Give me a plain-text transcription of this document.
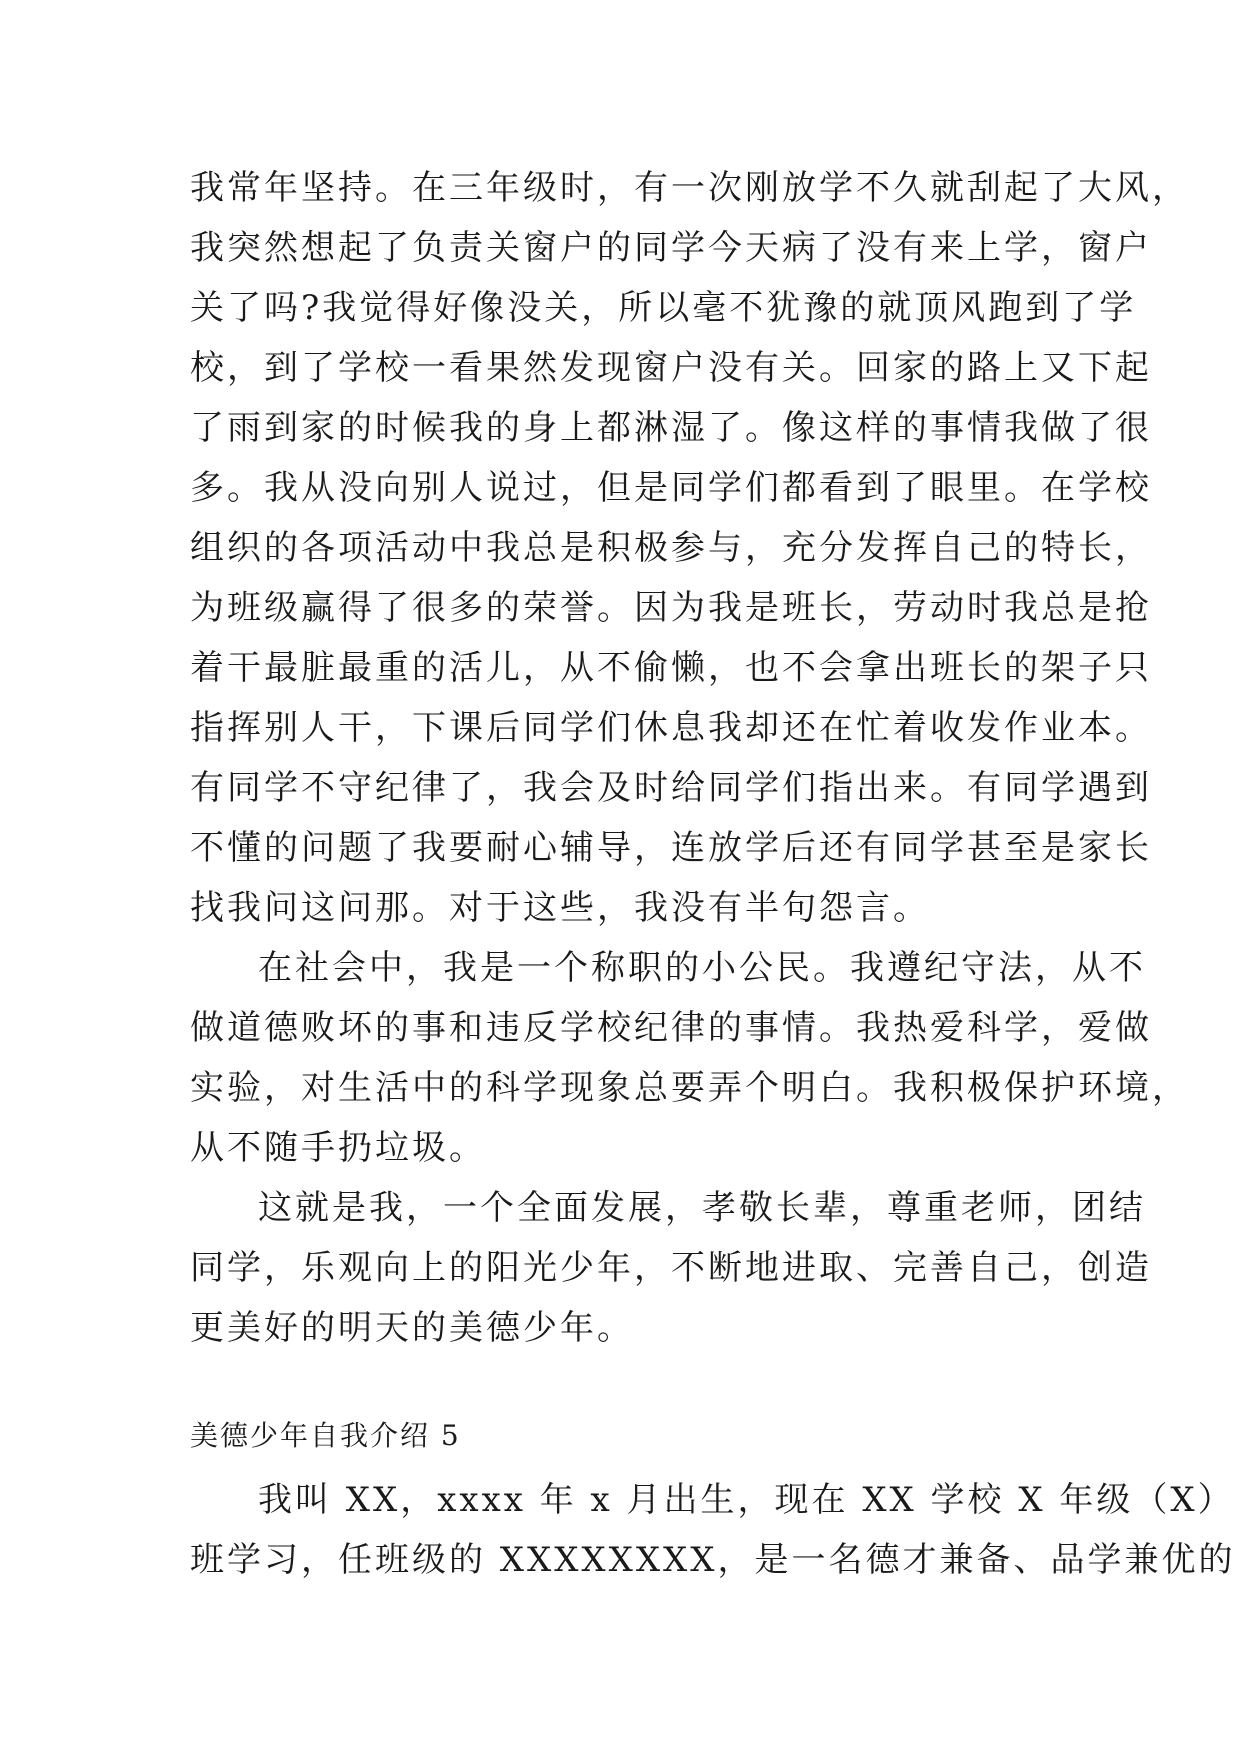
我常年坚持。在三年级时，有一次刚放学不久就刮起了大风，
我突然想起了负责关窗户的同学今天病了没有来上学，窗户
关了吗?我觉得好像没关，所以毫不犹豫的就顶风跑到了学
校，到了学校一看果然发现窗户没有关。回家的路上又下起
了雨到家的时候我的身上都淋湿了。像这样的事情我做了很
多。我从没向别人说过，但是同学们都看到了眼里。在学校
组织的各项活动中我总是积极参与，充分发挥自己的特长，
为班级赢得了很多的荣誉。因为我是班长，劳动时我总是抢
着干最脏最重的活儿，从不偷懒，也不会拿出班长的架子只
指挥别人干，下课后同学们休息我却还在忙着收发作业本。
有同学不守纪律了，我会及时给同学们指出来。有同学遇到
不懂的问题了我要耐心辅导，连放学后还有同学甚至是家长
找我问这问那。对于这些，我没有半句怨言。
在社会中，我是一个称职的小公民。我遵纪守法，从不
做道德败坏的事和违反学校纪律的事情。我热爱科学，爱做
实验，对生活中的科学现象总要弄个明白。我积极保护环境，
从不随手扔垃圾。
这就是我，一个全面发展，孝敬长辈，尊重老师，团结
同学，乐观向上的阳光少年，不断地进取、完善自己，创造
更美好的明天的美德少年。
美德少年自我介绍 5
我叫 XX，xxxx 年 x 月出生，现在 XX 学校 X 年级（X）
班学习，任班级的 XXXXXXXX，是一名德才兼备、品学兼优的
